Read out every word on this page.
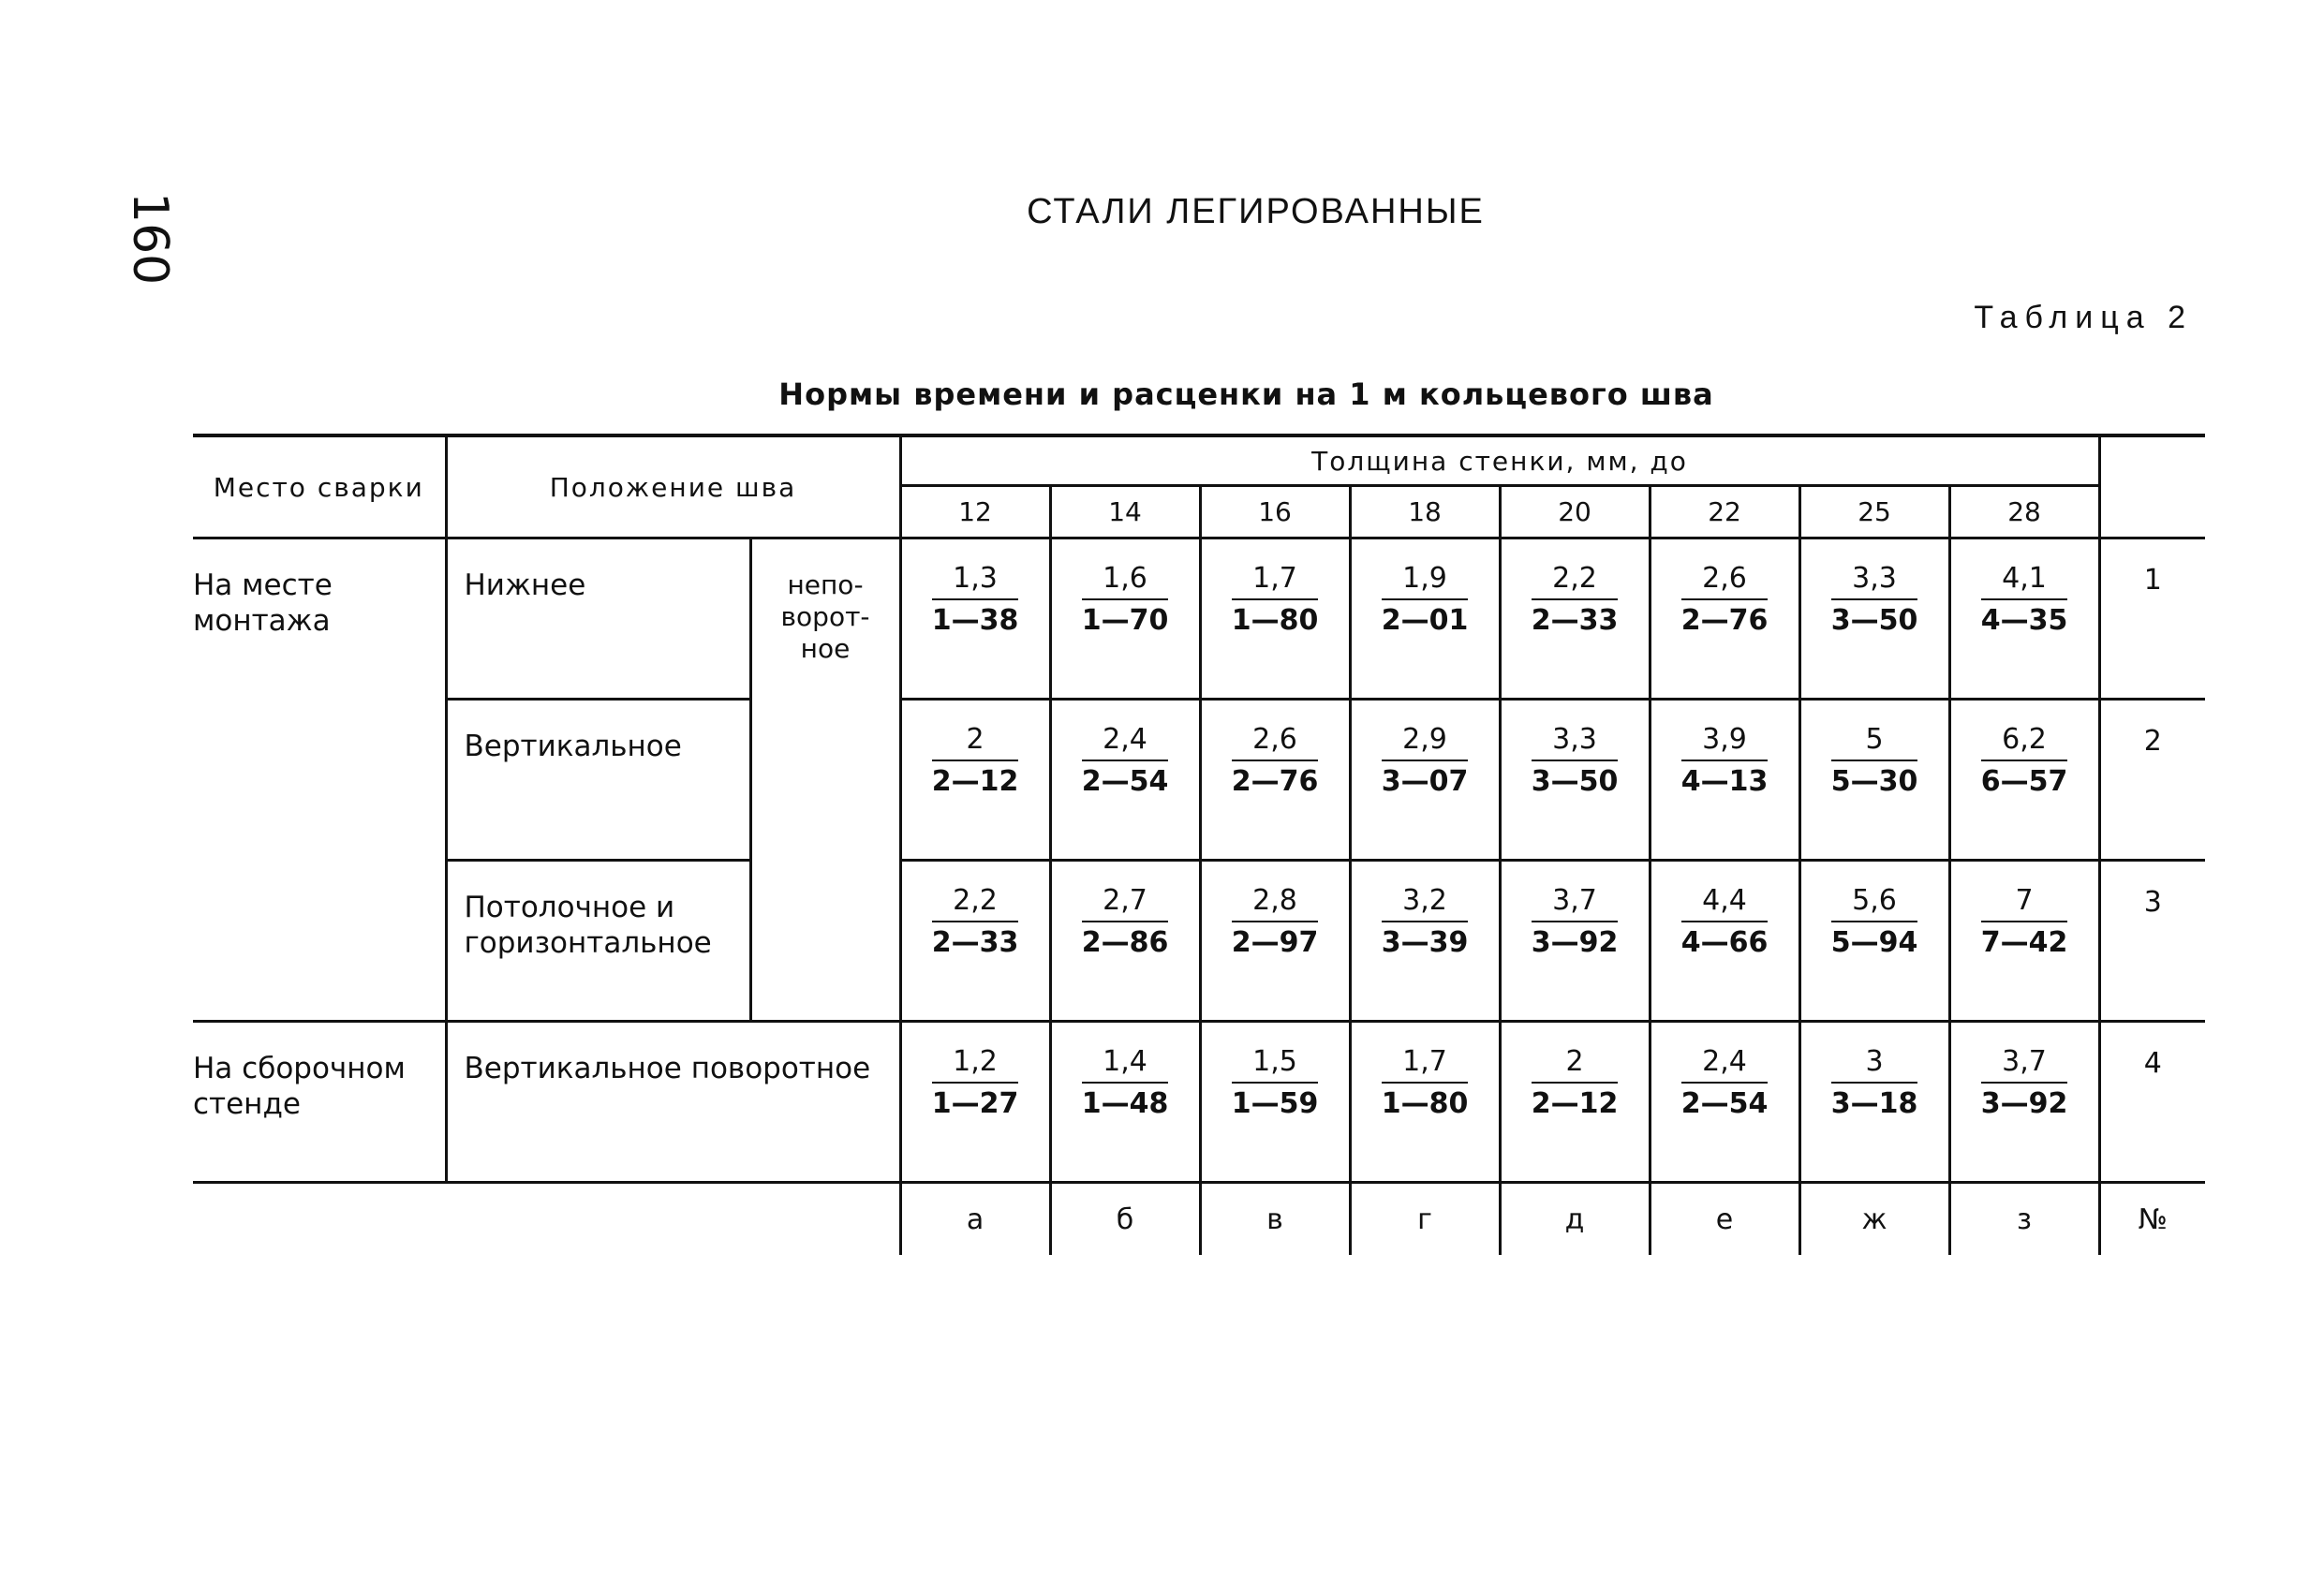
160	СТАЛИ ЛЕГИРОВАННЫЕ
Таблица 2
Нормы времени и расценки на 1 м кольцевого шва
Место сварки	Положение шва		Толщина стенки, мм, до								
			12	14	16	18	20	22	25	28	
На месте монтажа	Нижнее	непо-
ворот-
ное	$\frac{1,3}{1—38}$	$\frac{1,6}{1—70}$	$\frac{1,7}{1—80}$	$\frac{1,9}{2—01}$	$\frac{2,2}{2—33}$	$\frac{2,6}{2—76}$	$\frac{3,3}{3—50}$	$\frac{4,1}{4—35}$	1
	Вертикальное		$\frac{2}{2—12}$	$\frac{2,4}{2—54}$	$\frac{2,6}{2—76}$	$\frac{2,9}{3—07}$	$\frac{3,3}{3—50}$	$\frac{3,9}{4—13}$	$\frac{5}{5—30}$	$\frac{6,2}{6—57}$	2
	Потолочное и горизонтальное		$\frac{2,2}{2—33}$	$\frac{2,7}{2—86}$	$\frac{2,8}{2—97}$	$\frac{3,2}{3—39}$	$\frac{3,7}{3—92}$	$\frac{4,4}{4—66}$	$\frac{5,6}{5—94}$	$\frac{7}{7—42}$	3
На сборочном стенде	Вертикальное поворотное		$\frac{1,2}{1—27}$	$\frac{1,4}{1—48}$	$\frac{1,5}{1—59}$	$\frac{1,7}{1—80}$	$\frac{2}{2—12}$	$\frac{2,4}{2—54}$	$\frac{3}{3—18}$	$\frac{3,7}{3—92}$	4
			а	б	в	г	д	е	ж	з	№
